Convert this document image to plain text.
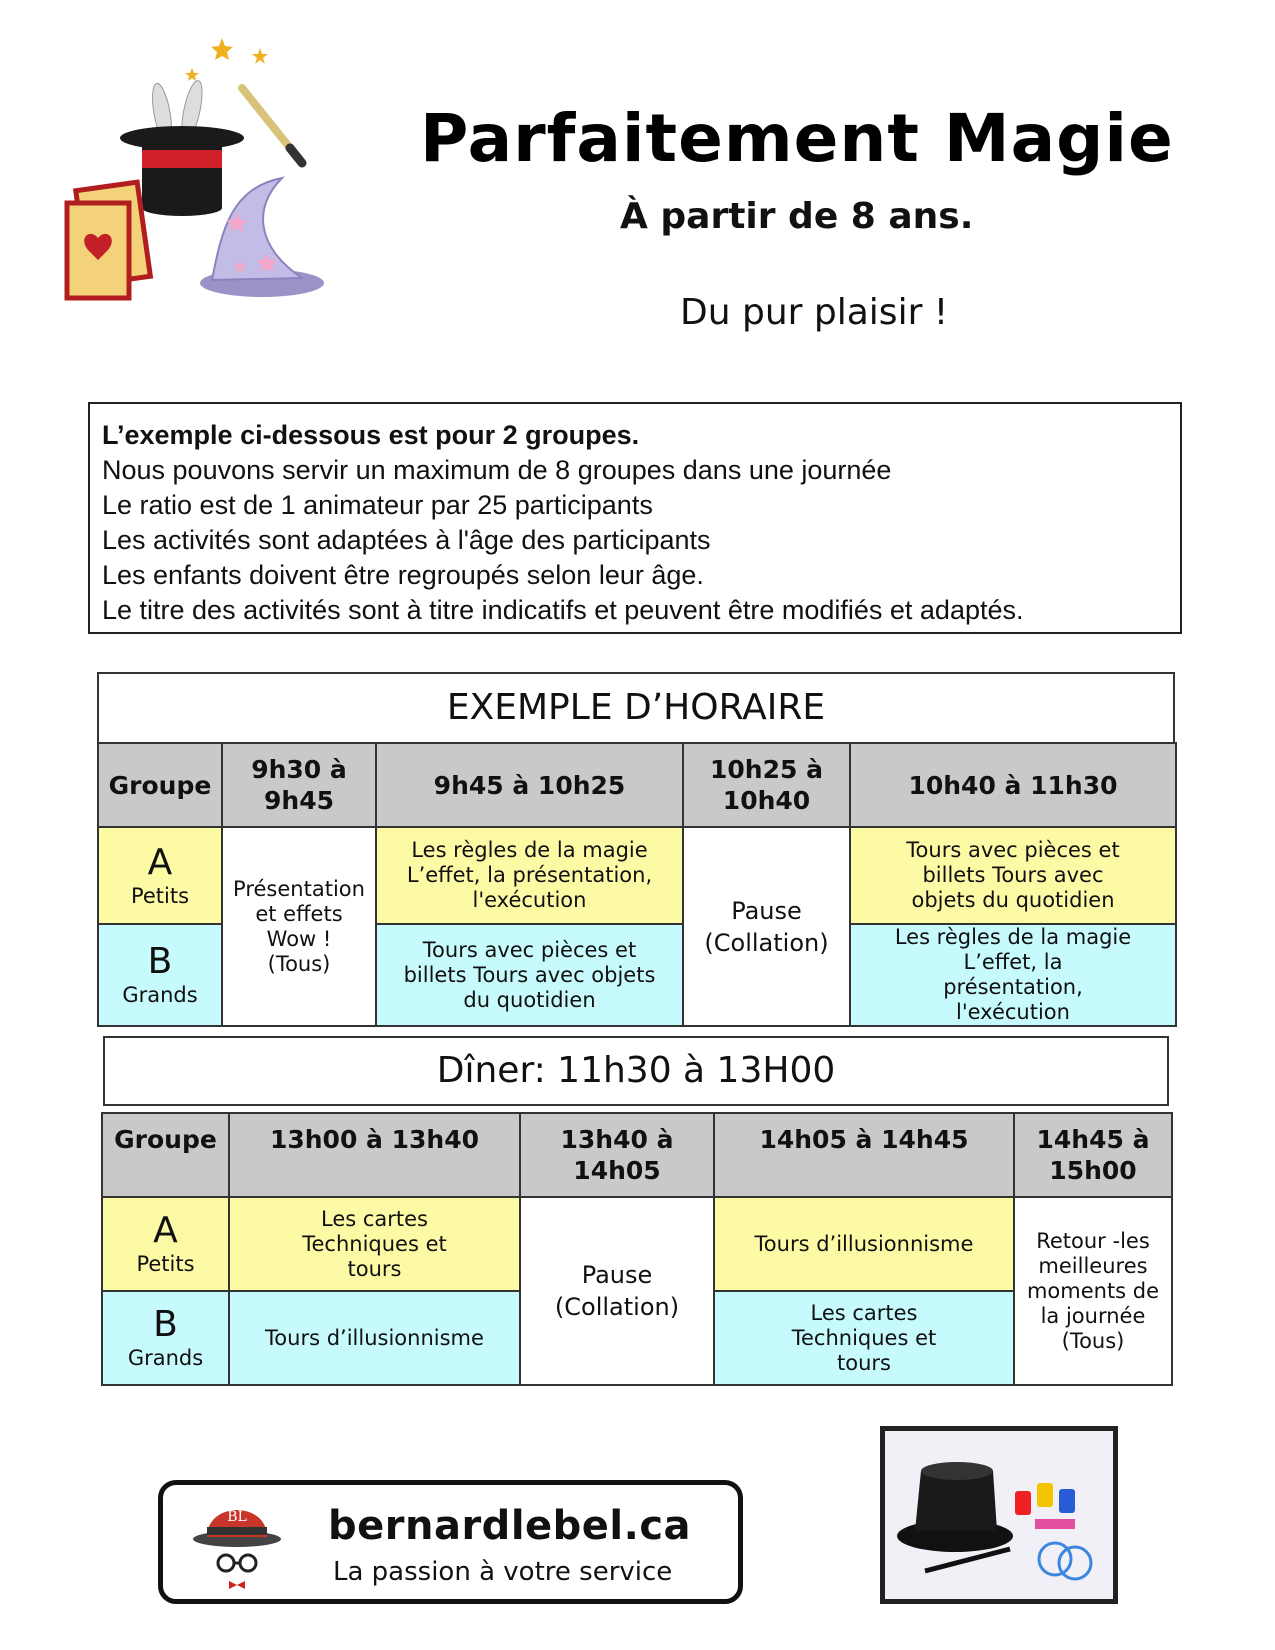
Parfaitement Magie
À partir de 8 ans.
Du pur plaisir !
L’exemple ci-dessous est pour 2 groupes.
Nous pouvons servir un maximum de 8 groupes dans une journée
Le ratio est de 1 animateur par 25 participants
Les activités sont adaptées à l'âge des participants
Les enfants doivent être regroupés selon leur âge.
Le titre des activités sont à titre indicatifs et peuvent être modifiés et adaptés.
EXEMPLE D’HORAIRE
Groupe	9h30 à 9h45	9h45 à 10h25	10h25 à 10h40	10h40 à 11h30

A
Petits	Présentation et effets Wow ! (Tous)	Les règles de la magie L’effet, la présentation, l'exécution	Pause (Collation)	Tours avec pièces et billets Tours avec objets du quotidien

B
Grands		Tours avec pièces et billets Tours avec objets du quotidien		Les règles de la magie L’effet, la présentation, l'exécution
Dîner: 11h30 à 13H00
Groupe	13h00 à 13h40	13h40 à 14h05	14h05 à 14h45	14h45 à 15h00

A
Petits	Les cartes Techniques et tours	Pause (Collation)	Tours d’illusionnisme	Retour -les meilleures moments de la journée (Tous)

B
Grands	Tours d’illusionnisme		Les cartes Techniques et tours	
BL bernardlebel.ca
La passion à votre service
